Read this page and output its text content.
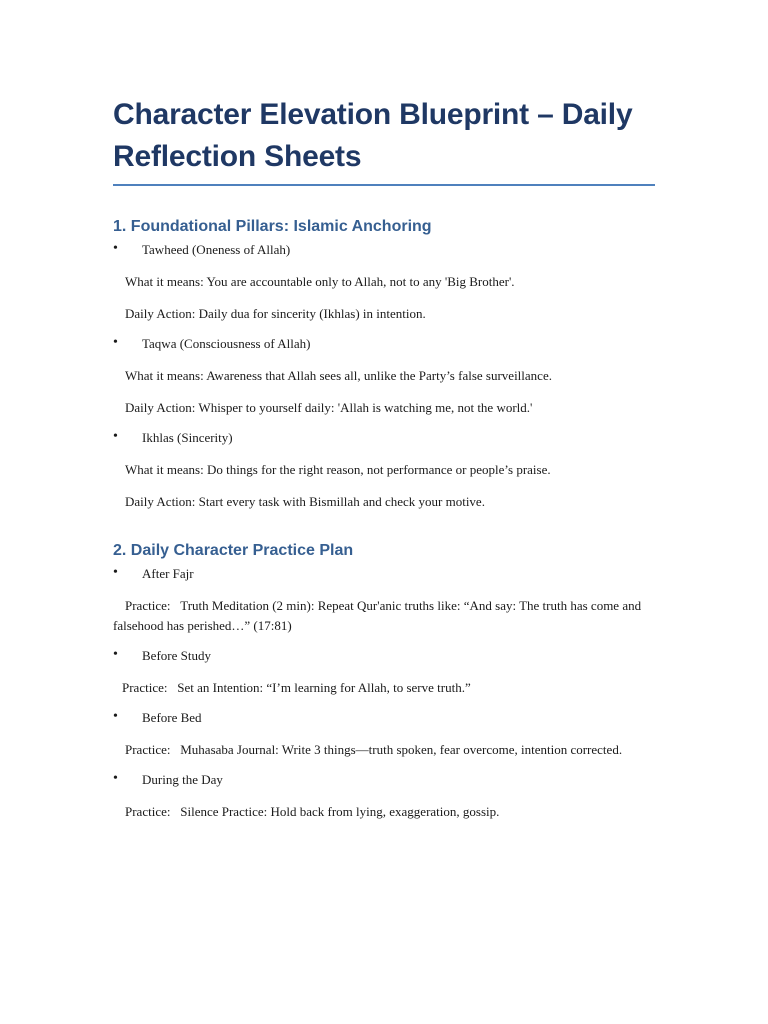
Character Elevation Blueprint – Daily Reflection Sheets
1. Foundational Pillars: Islamic Anchoring
• Tawheed (Oneness of Allah)

What it means: You are accountable only to Allah, not to any 'Big Brother'.

Daily Action: Daily dua for sincerity (Ikhlas) in intention.

• Taqwa (Consciousness of Allah)

What it means: Awareness that Allah sees all, unlike the Party’s false surveillance.

Daily Action: Whisper to yourself daily: 'Allah is watching me, not the world.'

• Ikhlas (Sincerity)

What it means: Do things for the right reason, not performance or people’s praise.

Daily Action: Start every task with Bismillah and check your motive.

2. Daily Character Practice Plan
• After Fajr

Practice: Truth Meditation (2 min): Repeat Qur'anic truths like: “And say: The truth has come and falsehood has perished…” (17:81)

• Before Study

Practice: Set an Intention: “I’m learning for Allah, to serve truth.”

• Before Bed

Practice: Muhasaba Journal: Write 3 things—truth spoken, fear overcome, intention corrected.

• During the Day

Practice: Silence Practice: Hold back from lying, exaggeration, gossip.
